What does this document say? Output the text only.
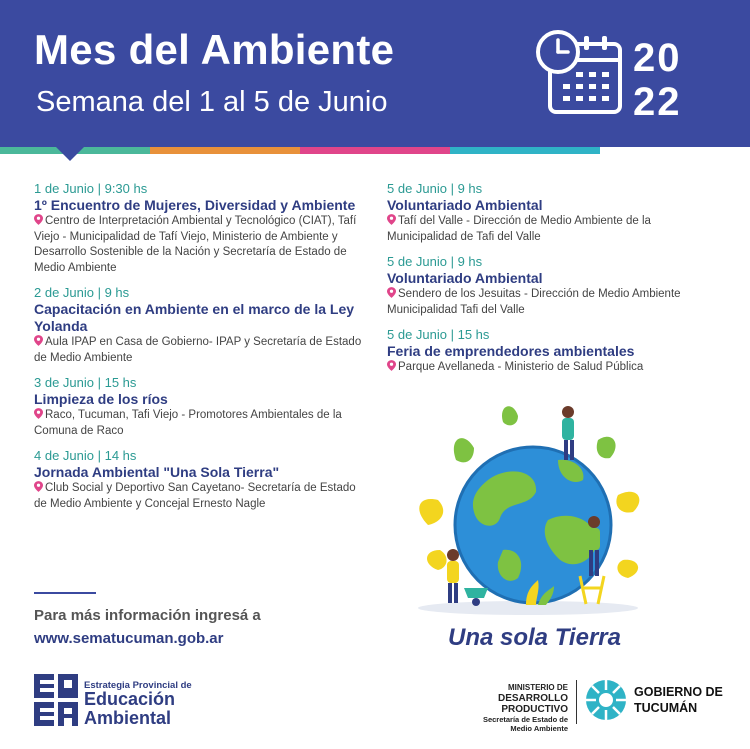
Mes del Ambiente
Semana del 1 al 5 de Junio
20
22
1 de Junio | 9:30 hs
1º Encuentro de Mujeres, Diversidad y Ambiente
Centro de Interpretación Ambiental y Tecnológico (CIAT), Tafí Viejo - Municipalidad de Tafí Viejo, Ministerio de Ambiente y Desarrollo Sostenible de la Nación y Secretaría de Estado de Medio Ambiente
2 de Junio | 9 hs
Capacitación en Ambiente en el marco de la Ley Yolanda
Aula IPAP en Casa de Gobierno- IPAP y Secretaría de Estado de Medio Ambiente
3 de Junio | 15 hs
Limpieza de los ríos
Raco, Tucuman, Tafi Viejo - Promotores Ambientales de la Comuna de Raco
4 de Junio | 14 hs
Jornada Ambiental "Una Sola Tierra"
Club Social y Deportivo San Cayetano- Secretaría de Estado de Medio Ambiente y Concejal Ernesto Nagle
5 de Junio | 9 hs
Voluntariado Ambiental
Tafí del Valle - Dirección de Medio Ambiente de la Municipalidad de Tafi del Valle
5 de Junio | 9 hs
Voluntariado Ambiental
Sendero de los Jesuitas - Dirección de Medio Ambiente Municipalidad Tafi del Valle
5 de Junio | 15 hs
Feria de emprendedores ambientales
Parque Avellaneda - Ministerio de Salud Pública
Para más información ingresá a
www.sematucuman.gob.ar	Una sola Tierra
Estrategia Provincial de
Educación
Ambiental
MINISTERIO DE
DESARROLLO PRODUCTIVO
Secretaría de Estado de
Medio Ambiente
GOBIERNO DE
TUCUMÁN
